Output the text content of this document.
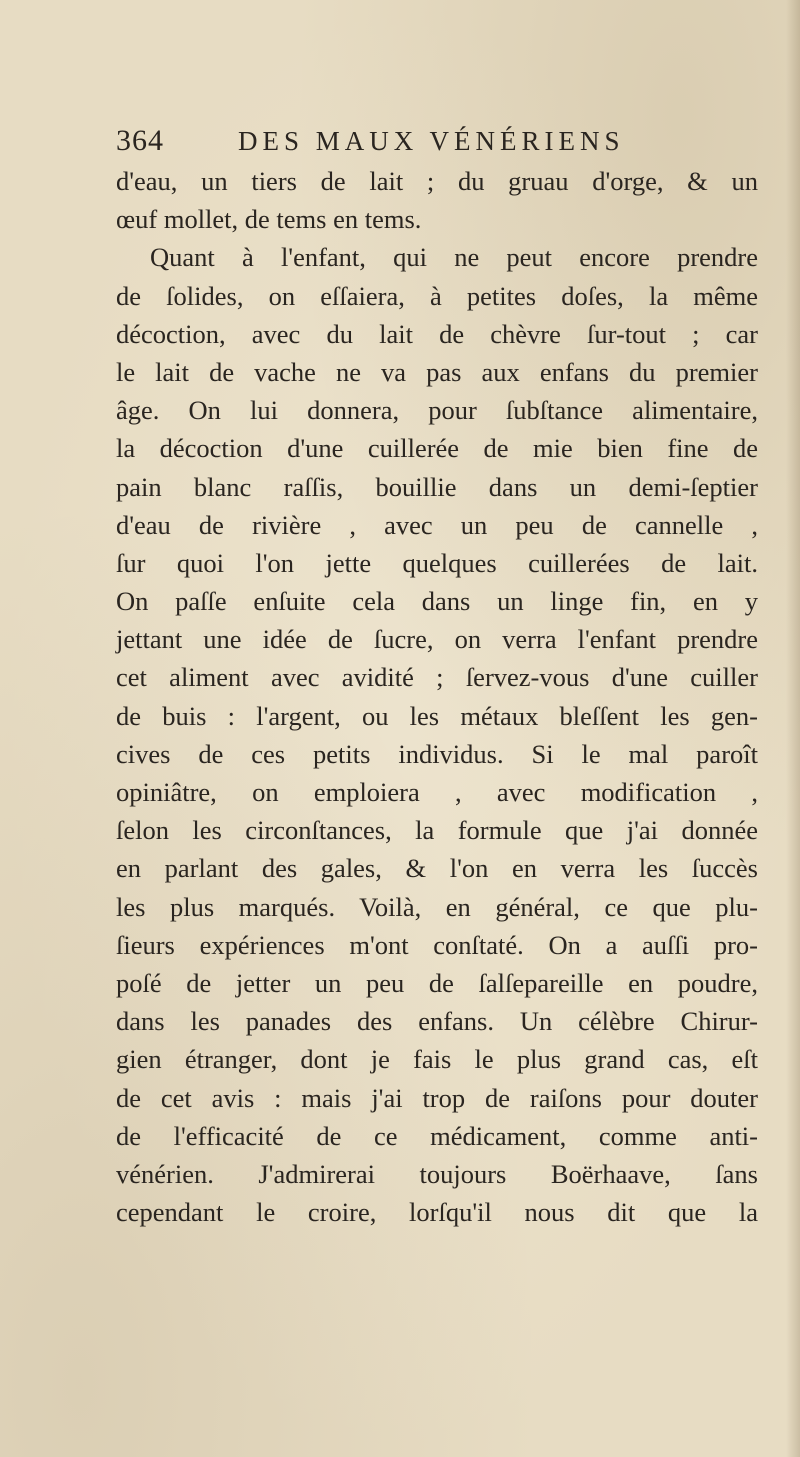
364	DES MAUX VÉNÉRIENS
d'eau, un tiers de lait ; du gruau d'orge, & un
œuf mollet, de tems en tems.
Quant à l'enfant, qui ne peut encore prendre
de ſolides, on eſſaiera, à petites doſes, la même
décoction, avec du lait de chèvre ſur-tout ; car
le lait de vache ne va pas aux enfans du premier
âge. On lui donnera, pour ſubſtance alimentaire,
la décoction d'une cuillerée de mie bien fine de
pain blanc raſſis, bouillie dans un demi-ſeptier
d'eau de rivière , avec un peu de cannelle ,
ſur quoi l'on jette quelques cuillerées de lait.
On paſſe enſuite cela dans un linge fin, en y
jettant une idée de ſucre, on verra l'enfant prendre
cet aliment avec avidité ; ſervez-vous d'une cuiller
de buis : l'argent, ou les métaux bleſſent les gen-
cives de ces petits individus. Si le mal paroît
opiniâtre, on emploiera , avec modification ,
ſelon les circonſtances, la formule que j'ai donnée
en parlant des gales, & l'on en verra les ſuccès
les plus marqués. Voilà, en général, ce que plu-
ſieurs expériences m'ont conſtaté. On a auſſi pro-
poſé de jetter un peu de ſalſepareille en poudre,
dans les panades des enfans. Un célèbre Chirur-
gien étranger, dont je fais le plus grand cas, eſt
de cet avis : mais j'ai trop de raiſons pour douter
de l'efficacité de ce médicament, comme anti-
vénérien. J'admirerai toujours Boërhaave, ſans
cependant le croire, lorſqu'il nous dit que la
